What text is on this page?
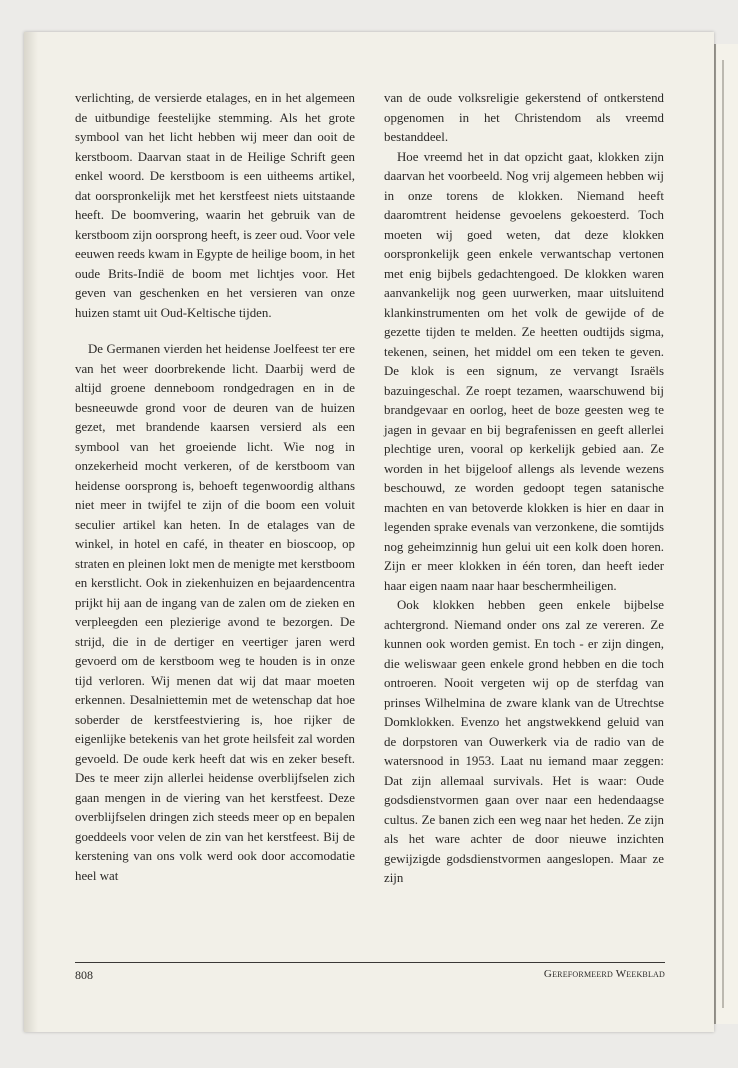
verlichting, de versierde etalages, en in het algemeen de uitbundige feestelijke stemming. Als het grote symbool van het licht hebben wij meer dan ooit de kerstboom. Daarvan staat in de Heilige Schrift geen enkel woord. De kerstboom is een uitheems artikel, dat oorspronkelijk met het kerstfeest niets uitstaande heeft. De boomvering, waarin het gebruik van de kerstboom zijn oorsprong heeft, is zeer oud. Voor vele eeuwen reeds kwam in Egypte de heilige boom, in het oude Brits-Indië de boom met lichtjes voor. Het geven van geschenken en het versieren van onze huizen stamt uit Oud-Keltische tijden.

De Germanen vierden het heidense Joelfeest ter ere van het weer doorbrekende licht. Daarbij werd de altijd groene denneboom rondgedragen en in de besneeuwde grond voor de deuren van de huizen gezet, met brandende kaarsen versierd als een symbool van het groeiende licht. Wie nog in onzekerheid mocht verkeren, of de kerstboom van heidense oorsprong is, behoeft tegenwoordig althans niet meer in twijfel te zijn of die boom een voluit seculier artikel kan heten. In de etalages van de winkel, in hotel en café, in theater en bioscoop, op straten en pleinen lokt men de menigte met kerstboom en kerstlicht. Ook in ziekenhuizen en bejaardencentra prijkt hij aan de ingang van de zalen om de zieken en verpleegden een plezierige avond te bezorgen. De strijd, die in de dertiger en veertiger jaren werd gevoerd om de kerstboom weg te houden is in onze tijd verloren. Wij menen dat wij dat maar moeten erkennen. Desalniettemin met de wetenschap dat hoe soberder de kerstfeestviering is, hoe rijker de eigenlijke betekenis van het grote heilsfeit zal worden gevoeld. De oude kerk heeft dat wis en zeker beseft. Des te meer zijn allerlei heidense overblijfselen zich gaan mengen in de viering van het kerstfeest. Deze overblijfselen dringen zich steeds meer op en bepalen goeddeels voor velen de zin van het kerstfeest. Bij de kerstening van ons volk werd ook door accomodatie heel wat

van de oude volksreligie gekerstend of ontkerstend opgenomen in het Christendom als vreemd bestanddeel.

Hoe vreemd het in dat opzicht gaat, klokken zijn daarvan het voorbeeld. Nog vrij algemeen hebben wij in onze torens de klokken. Niemand heeft daaromtrent heidense gevoelens gekoesterd. Toch moeten wij goed weten, dat deze klokken oorspronkelijk geen enkele verwantschap vertonen met enig bijbels gedachtengoed. De klokken waren aanvankelijk nog geen uurwerken, maar uitsluitend klankinstrumenten om het volk de gewijde of de gezette tijden te melden. Ze heetten oudtijds sigma, tekenen, seinen, het middel om een teken te geven. De klok is een signum, ze vervangt Israëls bazuingeschal. Ze roept tezamen, waarschuwend bij brandgevaar en oorlog, heet de boze geesten weg te jagen in gevaar en bij begrafenissen en geeft allerlei plechtige uren, vooral op kerkelijk gebied aan. Ze worden in het bijgeloof allengs als levende wezens beschouwd, ze worden gedoopt tegen satanische machten en van betoverde klokken is hier en daar in legenden sprake evenals van verzonkene, die somtijds nog geheimzinnig hun gelui uit een kolk doen horen. Zijn er meer klokken in één toren, dan heeft ieder haar eigen naam naar haar beschermheiligen.

Ook klokken hebben geen enkele bijbelse achtergrond. Niemand onder ons zal ze vereren. Ze kunnen ook worden gemist. En toch - er zijn dingen, die weliswaar geen enkele grond hebben en die toch ontroeren. Nooit vergeten wij op de sterfdag van prinses Wilhelmina de zware klank van de Utrechtse Domklokken. Evenzo het angstwekkend geluid van de dorpstoren van Ouwerkerk via de radio van de watersnood in 1953. Laat nu iemand maar zeggen: Dat zijn allemaal survivals. Het is waar: Oude godsdienstvormen gaan over naar een hedendaagse cultus. Ze banen zich een weg naar het heden. Ze zijn als het ware achter de door nieuwe inzichten gewijzigde godsdienstvormen aangeslopen. Maar ze zijn

808	Gereformeerd Weekblad
